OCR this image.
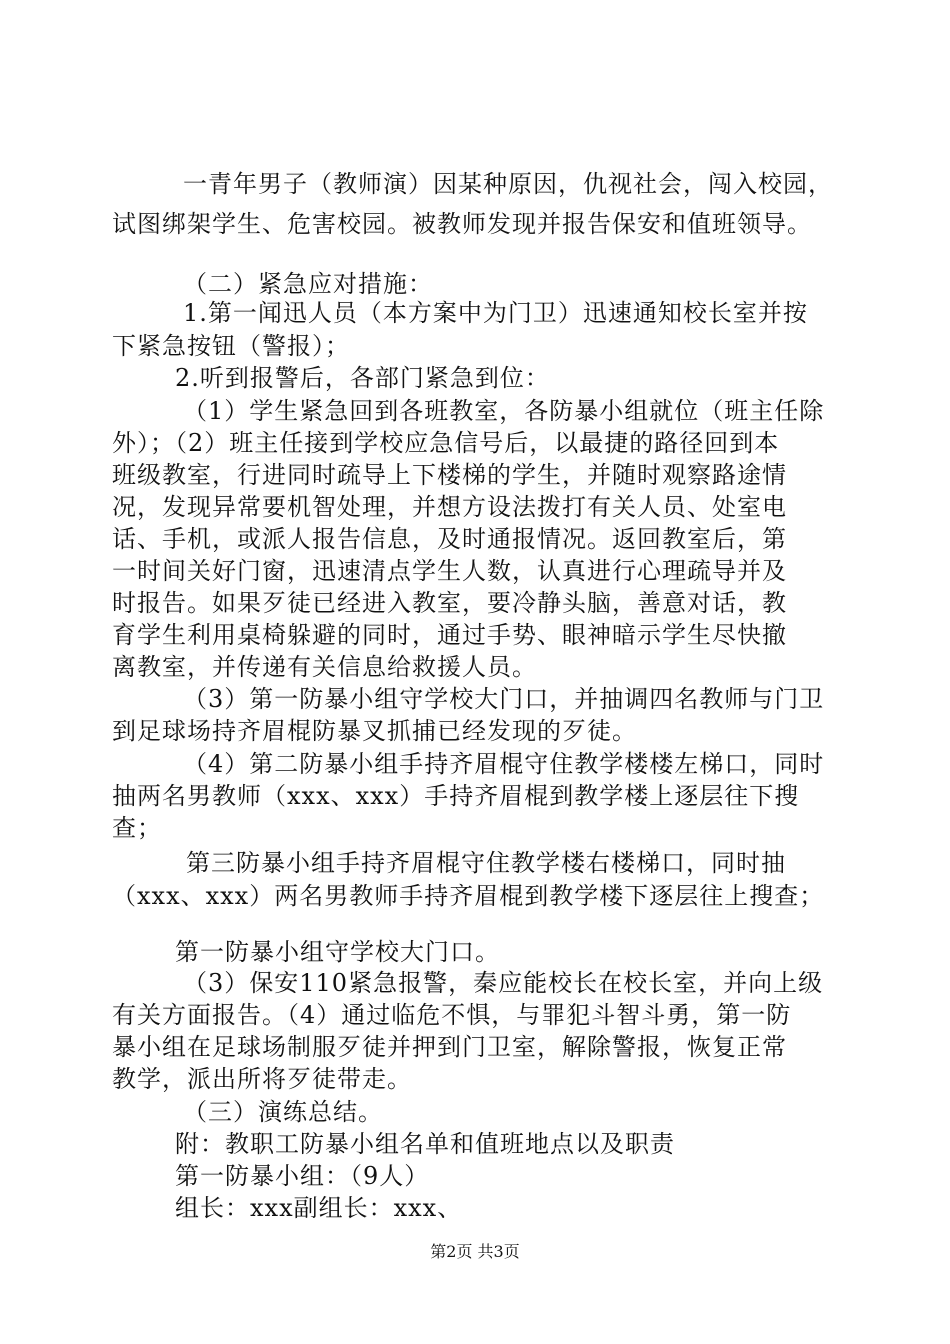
一青年男子（教师演）因某种原因，仇视社会，闯入校园，
试图绑架学生、危害校园。被教师发现并报告保安和值班领导。
（二）紧急应对措施：
1.第一闻迅人员（本方案中为门卫）迅速通知校长室并按
下紧急按钮（警报）；
2.听到报警后，各部门紧急到位：
（1）学生紧急回到各班教室，各防暴小组就位（班主任除
外）；（2）班主任接到学校应急信号后，以最捷的路径回到本
班级教室，行进同时疏导上下楼梯的学生，并随时观察路途情
况，发现异常要机智处理，并想方设法拨打有关人员、处室电
话、手机，或派人报告信息，及时通报情况。返回教室后，第
一时间关好门窗，迅速清点学生人数，认真进行心理疏导并及
时报告。如果歹徒已经进入教室，要冷静头脑，善意对话，教
育学生利用桌椅躲避的同时，通过手势、眼神暗示学生尽快撤
离教室，并传递有关信息给救援人员。
（3）第一防暴小组守学校大门口，并抽调四名教师与门卫
到足球场持齐眉棍防暴叉抓捕已经发现的歹徒。
（4）第二防暴小组手持齐眉棍守住教学楼楼左梯口，同时
抽两名男教师（xxx、xxx）手持齐眉棍到教学楼上逐层往下搜
查；
第三防暴小组手持齐眉棍守住教学楼右楼梯口，同时抽
（xxx、xxx）两名男教师手持齐眉棍到教学楼下逐层往上搜查；
第一防暴小组守学校大门口。
（3）保安110紧急报警，秦应能校长在校长室，并向上级
有关方面报告。（4）通过临危不惧，与罪犯斗智斗勇，第一防
暴小组在足球场制服歹徒并押到门卫室，解除警报，恢复正常
教学，派出所将歹徒带走。
（三）演练总结。
附：教职工防暴小组名单和值班地点以及职责
第一防暴小组：（9人）
组长：xxx副组长：xxx、
第2页 共3页
